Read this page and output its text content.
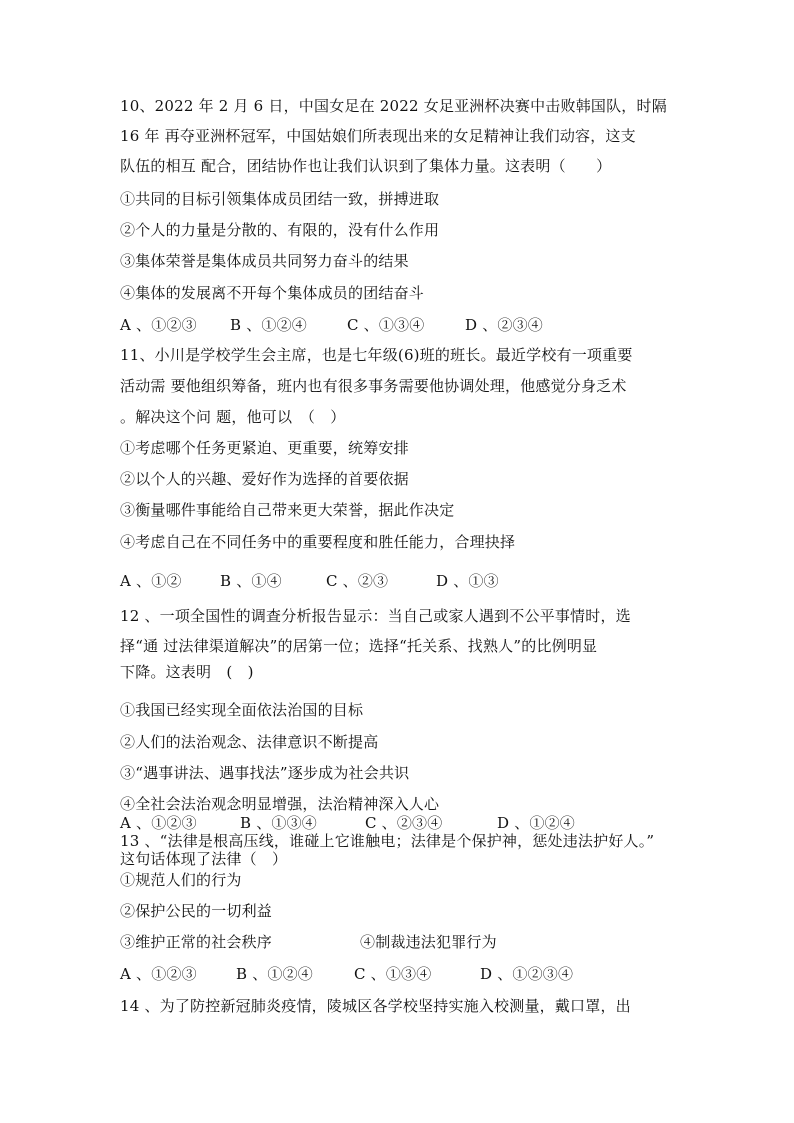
10、2022 年 2 月 6 日，中国女足在 2022 女足亚洲杯决赛中击败韩国队，时隔
16 年 再夺亚洲杯冠军，中国姑娘们所表现出来的女足精神让我们动容，这支
队伍的相互 配合，团结协作也让我们认识到了集体力量。这表明（　　）
①共同的目标引领集体成员团结一致，拼搏进取
②个人的力量是分散的、有限的，没有什么作用
③集体荣誉是集体成员共同努力奋斗的结果
④集体的发展离不开每个集体成员的团结奋斗
A 、①②③ B 、①②④	C 、①③④	D 、②③④
11、小川是学校学生会主席，也是七年级(6)班的班长。最近学校有一项重要
活动需 要他组织筹备，班内也有很多事务需要他协调处理，他感觉分身乏术
。解决这个问 题，他可以　（　）
①考虑哪个任务更紧迫、更重要，统筹安排
②以个人的兴趣、爱好作为选择的首要依据
③衡量哪件事能给自己带来更大荣誉，据此作决定
④考虑自己在不同任务中的重要程度和胜任能力，合理抉择
A 、①②	B 、①④	C 、②③	D 、①③
12 、一项全国性的调查分析报告显示：当自己或家人遇到不公平事情时，选
择“通 过法律渠道解决”的居第一位；选择“托关系、找熟人”的比例明显
下降。这表明　(　)
①我国已经实现全面依法治国的目标
②人们的法治观念、法律意识不断提高
③“遇事讲法、遇事找法”逐步成为社会共识
④全社会法治观念明显增强，法治精神深入人心
A 、①②③	B 、①③④	C 、②③④	D 、①②④
13 、“法律是根高压线，谁碰上它谁触电；法律是个保护神，惩处违法护好人。”
这句话体现了法律（　）
①规范人们的行为
②保护公民的一切利益
③维护正常的社会秩序	④制裁违法犯罪行为
A 、①②③	B 、①②④	C 、①③④	D 、①②③④
14 、为了防控新冠肺炎疫情，陵城区各学校坚持实施入校测量，戴口罩，出
